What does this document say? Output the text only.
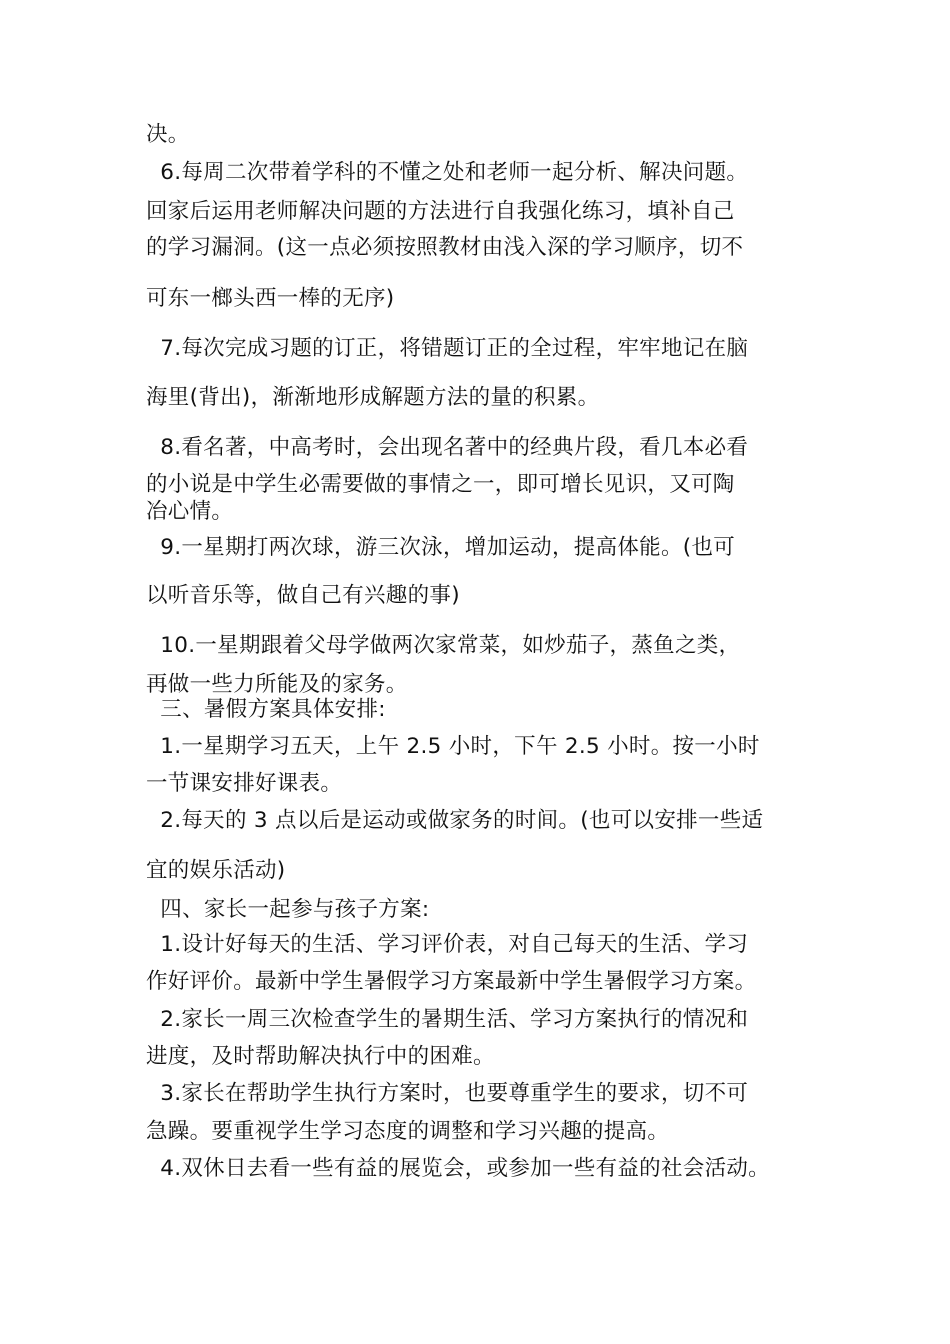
决。

6.每周二次带着学科的不懂之处和老师一起分析、解决问题。

回家后运用老师解决问题的方法进行自我强化练习，填补自己

的学习漏洞。(这一点必须按照教材由浅入深的学习顺序，切不

可东一榔头西一棒的无序)

7.每次完成习题的订正，将错题订正的全过程，牢牢地记在脑

海里(背出)，渐渐地形成解题方法的量的积累。

8.看名著，中高考时，会出现名著中的经典片段，看几本必看

的小说是中学生必需要做的事情之一，即可增长见识，又可陶

冶心情。

9.一星期打两次球，游三次泳，增加运动，提高体能。(也可

以听音乐等，做自己有兴趣的事)

10.一星期跟着父母学做两次家常菜，如炒茄子，蒸鱼之类，

再做一些力所能及的家务。

三、暑假方案具体安排:

1.一星期学习五天，上午 2.5 小时，下午 2.5 小时。按一小时

一节课安排好课表。

2.每天的 3 点以后是运动或做家务的时间。(也可以安排一些适

宜的娱乐活动)

四、家长一起参与孩子方案:

1.设计好每天的生活、学习评价表，对自己每天的生活、学习

作好评价。最新中学生暑假学习方案最新中学生暑假学习方案。

2.家长一周三次检查学生的暑期生活、学习方案执行的情况和

进度，及时帮助解决执行中的困难。

3.家长在帮助学生执行方案时，也要尊重学生的要求，切不可

急躁。要重视学生学习态度的调整和学习兴趣的提高。

4.双休日去看一些有益的展览会，或参加一些有益的社会活动。
